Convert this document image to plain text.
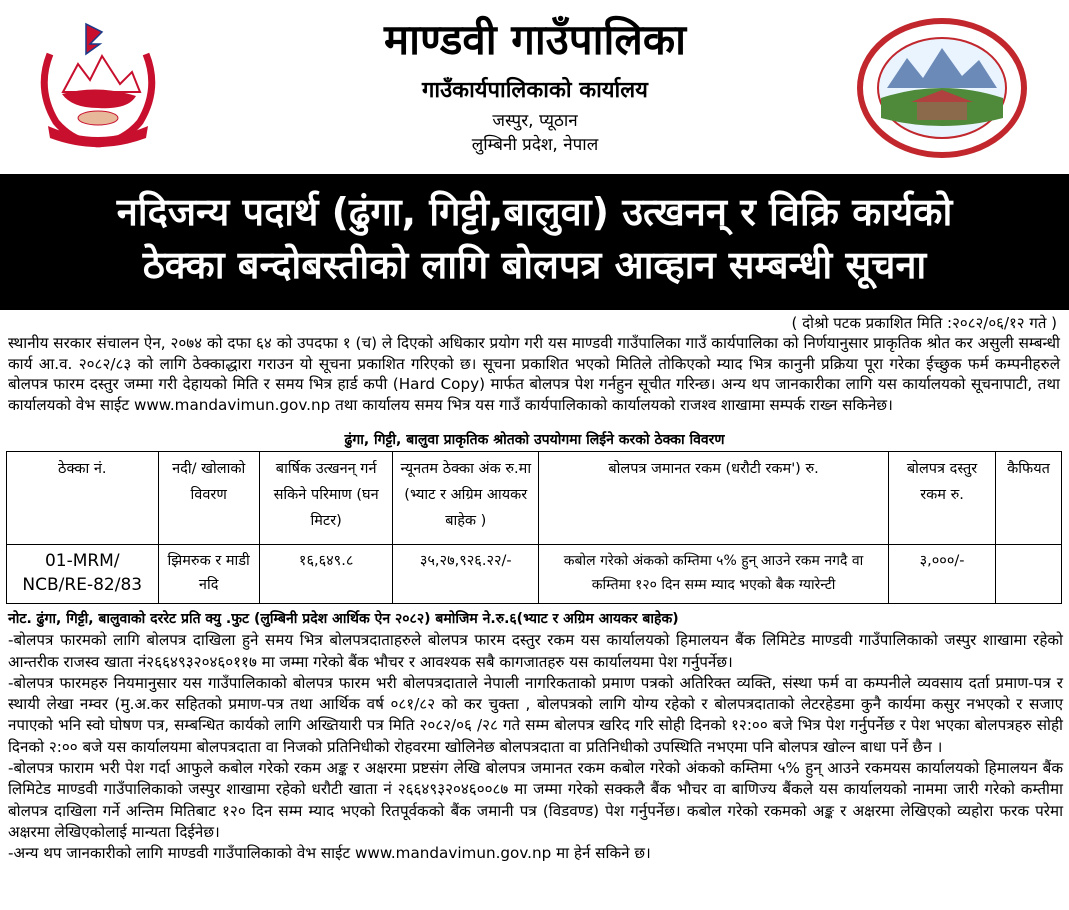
माण्डवी गाउँपालिका
गाउँकार्यपालिकाको कार्यालय
जस्पुर, प्यूठान
लुम्बिनी प्रदेश, नेपाल
नदिजन्य पदार्थ (ढुंगा, गिट्टी,बालुवा) उत्खनन् र विक्रि कार्यको
ठेक्का बन्दोबस्तीको लागि बोलपत्र आव्हान सम्बन्धी सूचना
( दोश्रो पटक प्रकाशित मिति :२०८२/०६/१२ गते )
स्थानीय सरकार संचालन ऐन, २०७४ को दफा ६४ को उपदफा १ (च) ले दिएको अधिकार प्रयोग गरी यस माण्डवी गाउँपालिका गाउँ कार्यपालिका को निर्णयानुसार प्राकृतिक श्रोत कर असुली सम्बन्धी कार्य आ.व. २०८२/८३ को लागि ठेक्काद्धारा गराउन यो सूचना प्रकाशित गरिएको छ। सूचना प्रकाशित भएको मितिले तोकिएको म्याद भित्र कानुनी प्रक्रिया पूरा गरेका ईच्छुक फर्म कम्पनीहरुले बोलपत्र फारम दस्तुर जम्मा गरी देहायको मिति र समय भित्र हार्ड कपी (Hard Copy) मार्फत बोलपत्र पेश गर्नहुन सूचीत गरिन्छ। अन्य थप जानकारीका लागि यस कार्यालयको सूचनापाटी, तथा कार्यालयको वेभ साईट www.mandavimun.gov.np तथा कार्यालय समय भित्र यस गाउँ कार्यपालिकाको कार्यालयको राजश्व शाखामा सम्पर्क राख्न सकिनेछ।
ढुंगा, गिट्टी, बालुवा प्राकृतिक श्रोतको उपयोगमा लिईने करको ठेक्का विवरण
ठेक्का नं.	नदी/ खोलाको विवरण	बार्षिक उत्खनन् गर्न सकिने परिमाण (घन मिटर)	न्यूनतम ठेक्का अंक रु.मा (भ्याट र अग्रिम आयकर बाहेक )	बोलपत्र जमानत रकम (धरौटी रकम') रु.	बोलपत्र दस्तुर रकम रु.	कैफियत
01-MRM/ NCB/RE-82/83	झिमरुक र माडी नदि	१६,६४९.८	३५,२७,९२६.२२/-	कबोल गरेको अंकको कम्तिमा ५% हुन् आउने रकम नगदै वा कम्तिमा १२० दिन सम्म म्याद भएको बैक ग्यारेन्टी	३,०००/-	

नोट. ढुंगा, गिट्टी, बालुवाको दररेट प्रति क्यु .फुट (लुम्बिनी प्रदेश आर्थिक ऐन २०८२) बमोजिम ने.रु.६(भ्याट र अग्रिम आयकर बाहेक)

-बोलपत्र फारमको लागि बोलपत्र दाखिला हुने समय भित्र बोलपत्रदाताहरुले बोलपत्र फारम दस्तुर रकम यस कार्यालयको हिमालयन बैंक लिमिटेड माण्डवी गाउँपालिकाको जस्पुर शाखामा रहेको आन्तरीक राजस्व खाता नं२६६४९३२०४६०११७ मा जम्मा गरेको बैंक भौचर र आवश्यक सबै कागजातहरु यस कार्यालयमा पेश गर्नुपर्नेछ।

-बोलपत्र फारमहरु नियमानुसार यस गाउँपालिकाको बोलपत्र फारम भरी बोलपत्रदाताले नेपाली नागरिकताको प्रमाण पत्रको अतिरिक्त व्यक्ति, संस्था फर्म वा कम्पनीले व्यवसाय दर्ता प्रमाण-पत्र र स्थायी लेखा नम्वर (मु.अ.कर सहितको प्रमाण-पत्र तथा आर्थिक वर्ष ०८१/८२ को कर चुक्ता , बोलपत्रको लागि योग्य रहेको र बोलपत्रदाताको लेटरहेडमा कुनै कार्यमा कसुर नभएको र सजाए नपाएको भनि स्वो घोषण पत्र, सम्बन्धित कार्यको लागि अख्तियारी पत्र मिति २०८२/०६ /२८ गते सम्म बोलपत्र खरिद गरि सोही दिनको १२:०० बजे भित्र पेश गर्नुपर्नेछ र पेश भएका बोलपत्रहरु सोही दिनको २:०० बजे यस कार्यालयमा बोलपत्रदाता वा निजको प्रतिनिधीको रोहवरमा खोलिनेछ बोलपत्रदाता वा प्रतिनिधीको उपस्थिति नभएमा पनि बोलपत्र खोल्न बाधा पर्ने छैन ।

-बोलपत्र फाराम भरी पेश गर्दा आफुले कबोल गरेको रकम अङ्क र अक्षरमा प्रष्टसंग लेखि बोलपत्र जमानत रकम कबोल गरेको अंकको कम्तिमा ५% हुन् आउने रकमयस कार्यालयको हिमालयन बैंक लिमिटेड माण्डवी गाउँपालिकाको जस्पुर शाखामा रहेको धरौटी खाता नं २६६४९३२०४६००८७ मा जम्मा गरेको सक्कलै बैंक भौचर वा बाणिज्य बैंकले यस कार्यालयको नाममा जारी गरेको कम्तीमा बोलपत्र दाखिला गर्ने अन्तिम मितिबाट १२० दिन सम्म म्याद भएको रितपूर्वकको बैंक जमानी पत्र (विडवण्ड) पेश गर्नुपर्नेछ। कबोल गरेको रकमको अङ्क र अक्षरमा लेखिएको व्यहोरा फरक परेमा अक्षरमा लेखिएकोलाई मान्यता दिईनेछ।

-अन्य थप जानकारीको लागि माण्डवी गाउँपालिकाको वेभ साईट www.mandavimun.gov.np मा हेर्न सकिने छ।
